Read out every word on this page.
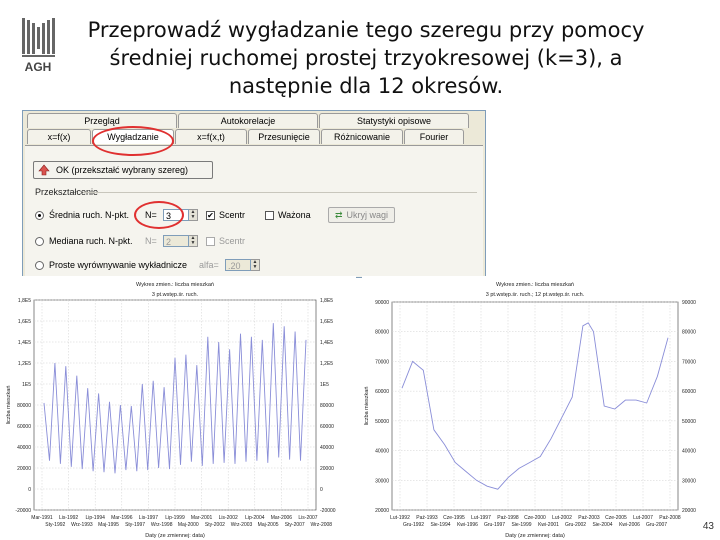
AGH
Przeprowadź wygładzanie tego szeregu przy pomocy
średniej ruchomej prostej trzyokresowej (k=3), a
następnie dla 12 okresów.
Przegląd	Autokorelacje	Statystyki opisowe
x=f(x)	Wygładzanie	x=f(x,t)	Przesunięcie	Różnicowanie	Fourier
OK (przekształć wybrany szereg)
Przekształcenie
Średnia ruch. N-pkt.	N=	3	▲
▼ ✔ Scentr	Ważona	⇄ Ukryj wagi
Mediana ruch. N-pkt.	N=	2	▲
▼	Scentr
Proste wyrównywanie wykładnicze	alfa=	.20	▲
▼
Wykres zmien.: liczba mieszkań
3 pt.wstęp.śr. ruch.
1,8E5	1,8E5
1,6E5	1,6E5
1,4E5	1,4E5
1,2E5	1,2E5
1E5	1E5
80000	80000
60000	60000
40000	40000
20000	20000
0	0
-20000	-20000
Mar-1991 Lis-1992 Lip-1994 Mar-1996 Lis-1997 Lip-1999 Mar-2001 Lis-2002 Lip-2004 Mar-2006 Lis-2007
Sty-1992 Wrz-1993 Maj-1995 Sty-1997 Wrz-1998 Maj-2000 Sty-2002 Wrz-2003 Maj-2005 Sty-2007 Wrz-2008
Daty (ze zmiennej: data)
liczba mieszkań
Wykres zmien.: liczba mieszkań
3 pt.wstęp.śr. ruch.; 12 pt.wstęp.śr. ruch.
90000	90000
80000	80000
70000	70000
60000	60000
50000	50000
40000	40000
30000	30000
20000	20000
Lut-1992 Paź-1993 Cze-1995 Lut-1997 Paź-1998 Cze-2000 Lut-2002 Paź-2003 Cze-2005 Lut-2007 Paź-2008
Gru-1992 Sie-1994 Kwi-1996 Gru-1997 Sie-1999 Kwi-2001 Gru-2002 Sie-2004 Kwi-2006 Gru-2007
Daty (ze zmiennej: data)
liczba mieszkań
43
